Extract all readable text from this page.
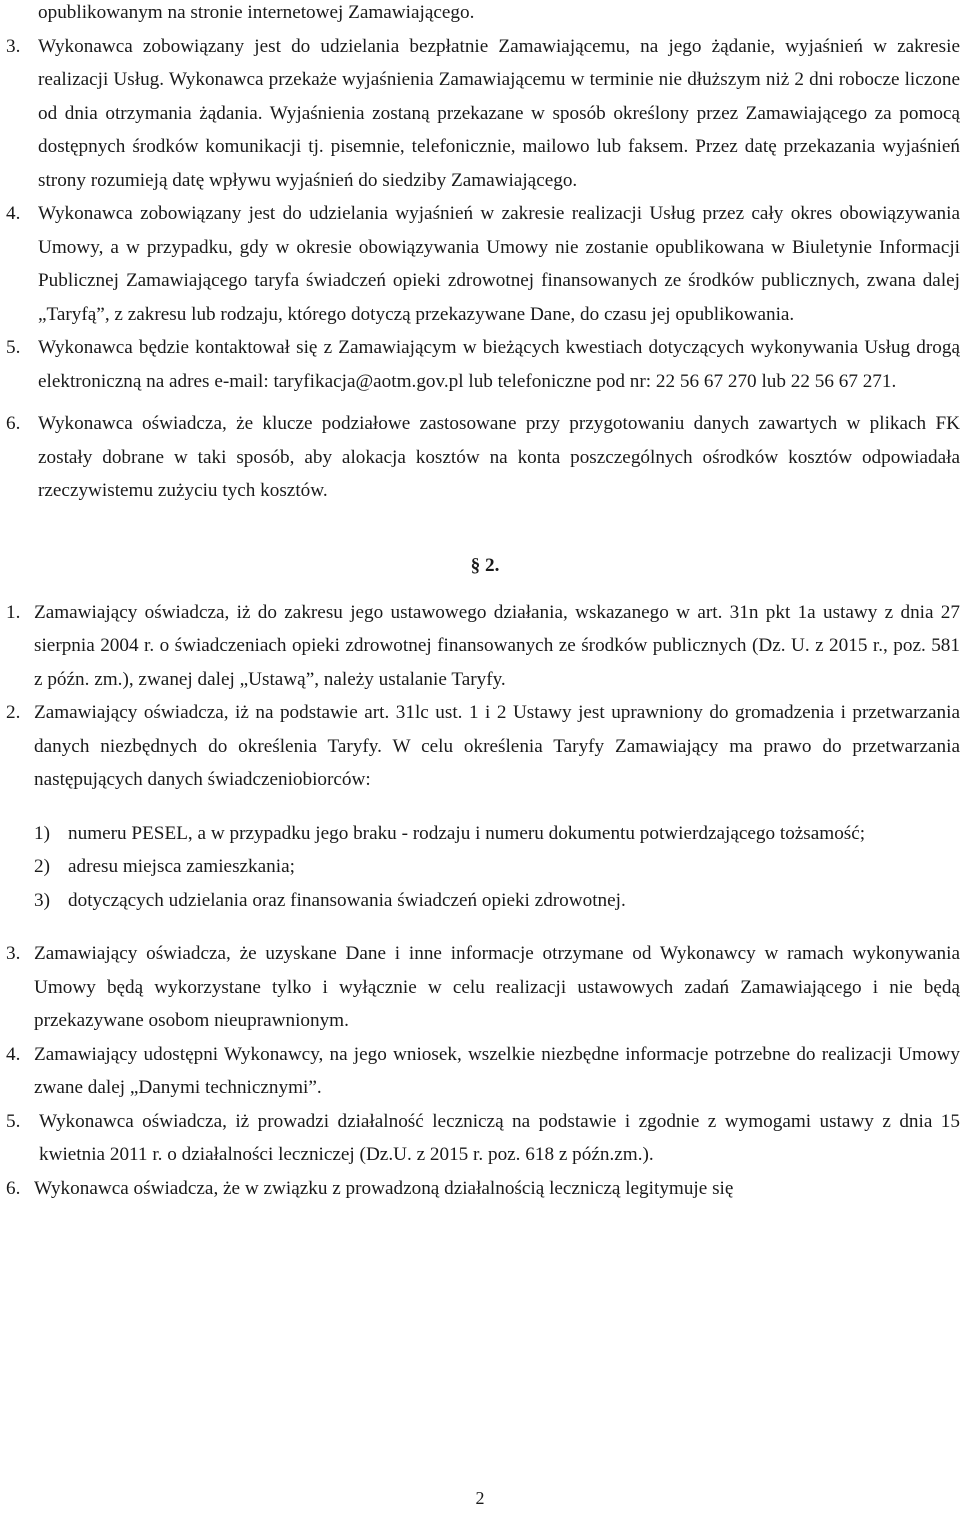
opublikowanym na stronie internetowej Zamawiającego.
3. Wykonawca zobowiązany jest do udzielania bezpłatnie Zamawiającemu, na jego żądanie, wyjaśnień w zakresie realizacji Usług. Wykonawca przekaże wyjaśnienia Zamawiającemu w terminie nie dłuższym niż 2 dni robocze liczone od dnia otrzymania żądania. Wyjaśnienia zostaną przekazane w sposób określony przez Zamawiającego za pomocą dostępnych środków komunikacji tj. pisemnie, telefonicznie, mailowo lub faksem. Przez datę przekazania wyjaśnień strony rozumieją datę wpływu wyjaśnień do siedziby Zamawiającego.
4. Wykonawca zobowiązany jest do udzielania wyjaśnień w zakresie realizacji Usług przez cały okres obowiązywania Umowy, a w przypadku, gdy w okresie obowiązywania Umowy nie zostanie opublikowana w Biuletynie Informacji Publicznej Zamawiającego taryfa świadczeń opieki zdrowotnej finansowanych ze środków publicznych, zwana dalej „Taryfą”, z zakresu lub rodzaju, którego dotyczą przekazywane Dane, do czasu jej opublikowania.
5. Wykonawca będzie kontaktował się z Zamawiającym w bieżących kwestiach dotyczących wykonywania Usług drogą elektroniczną na adres e-mail: taryfikacja@aotm.gov.pl lub telefoniczne pod nr: 22 56 67 270 lub 22 56 67 271.
6. Wykonawca oświadcza, że klucze podziałowe zastosowane przy przygotowaniu danych zawartych w plikach FK zostały dobrane w taki sposób, aby alokacja kosztów na konta poszczególnych ośrodków kosztów odpowiadała rzeczywistemu zużyciu tych kosztów.

§ 2.

1. Zamawiający oświadcza, iż do zakresu jego ustawowego działania, wskazanego w art. 31n pkt 1a ustawy z dnia 27 sierpnia 2004 r. o świadczeniach opieki zdrowotnej finansowanych ze środków publicznych (Dz. U. z 2015 r., poz. 581 z późn. zm.), zwanej dalej „Ustawą”, należy ustalanie Taryfy.
2. Zamawiający oświadcza, iż na podstawie art. 31lc ust. 1 i 2 Ustawy jest uprawniony do gromadzenia i przetwarzania danych niezbędnych do określenia Taryfy. W celu określenia Taryfy Zamawiający ma prawo do przetwarzania następujących danych świadczeniobiorców:
1) numeru PESEL, a w przypadku jego braku - rodzaju i numeru dokumentu potwierdzającego tożsamość;
2) adresu miejsca zamieszkania;
3) dotyczących udzielania oraz finansowania świadczeń opieki zdrowotnej.
3. Zamawiający oświadcza, że uzyskane Dane i inne informacje otrzymane od Wykonawcy w ramach wykonywania Umowy będą wykorzystane tylko i wyłącznie w celu realizacji ustawowych zadań Zamawiającego i nie będą przekazywane osobom nieuprawnionym.
4. Zamawiający udostępni Wykonawcy, na jego wniosek, wszelkie niezbędne informacje potrzebne do realizacji Umowy zwane dalej „Danymi technicznymi”.
5. Wykonawca oświadcza, iż prowadzi działalność leczniczą na podstawie i zgodnie z wymogami ustawy z dnia 15 kwietnia 2011 r. o działalności leczniczej (Dz.U. z 2015 r. poz. 618 z późn.zm.).
6. Wykonawca oświadcza, że w związku z prowadzoną działalnością leczniczą legitymuje się
2
